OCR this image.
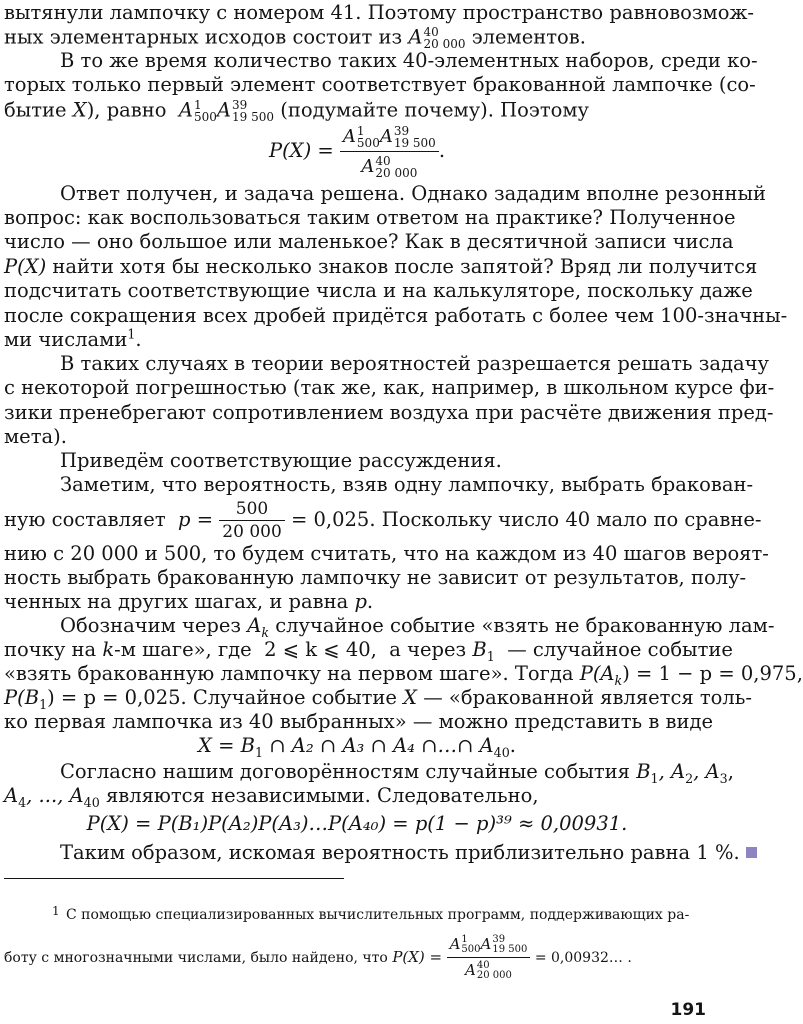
вытянули лампочку с номером 41. Поэтому пространство равновозмож-
ных элементарных исходов состоит из A 40
20 000 элементов.
В то же время количество таких 40-элементных наборов, среди ко-
торых только первый элемент соответствует бракованной лампочке (со-
бытие X), равно A 1
500 A 39
19 500 (подумайте почему). Поэтому
P(X) = A 1
500 A 39
19 500
A 40
20 000 .
Ответ получен, и задача решена. Однако зададим вполне резонный
вопрос: как воспользоваться таким ответом на практике? Полученное
число — оно большое или маленькое? Как в десятичной записи числа
P(X) найти хотя бы несколько знаков после запятой? Вряд ли получится
подсчитать соответствующие числа и на калькуляторе, поскольку даже
после сокращения всех дробей придётся работать с более чем 100-значны-
ми числами$^1$.
В таких случаях в теории вероятностей разрешается решать задачу
с некоторой погрешностью (так же, как, например, в школьном курсе фи-
зики пренебрегают сопротивлением воздуха при расчёте движения пред-
мета).
Приведём соответствующие рассуждения.
Заметим, что вероятность, взяв одну лампочку, выбрать бракован-
ную составляет $p = \frac{500}{20 000} = 0,025$. Поскольку число 40 мало по сравне-
нию с 20 000 и 500, то будем считать, что на каждом из 40 шагов вероят-
ность выбрать бракованную лампочку не зависит от результатов, полу-
ченных на других шагах, и равна p.
Обозначим через $A_k$ случайное событие «взять не бракованную лам-
почку на k-м шаге», где 2 ⩽ k ⩽ 40, а через $B_1$ — случайное событие
«взять бракованную лампочку на первом шаге». Тогда $P(A_k) = 1 - p = 0,975$,
$P(B_1) = p = 0,025$. Случайное событие X — «бракованной является толь-
ко первая лампочка из 40 выбранных» — можно представить в виде
$X = B_1$ ∩ A₂ ∩ A₃ ∩ A₄ ∩…∩ $A_{40}$.
Согласно нашим договорённостям случайные события $B_1$, $A_2$, $A_3$,
$A_4$, ..., $A_{40}$ являются независимыми. Следовательно,
P(X) = P(B₁)P(A₂)P(A₃)…P(A₄₀) = p(1 − p)³⁹ ≈ 0,00931.
Таким образом, искомая вероятность приблизительно равна 1 %.
С помощью специализированных вычислительных программ, поддерживающих ра-
1
боту с многозначными числами, было найдено, что P(X) = A 1
500 A 39
19 500
A 40
20 000 = 0,00932… .
191
